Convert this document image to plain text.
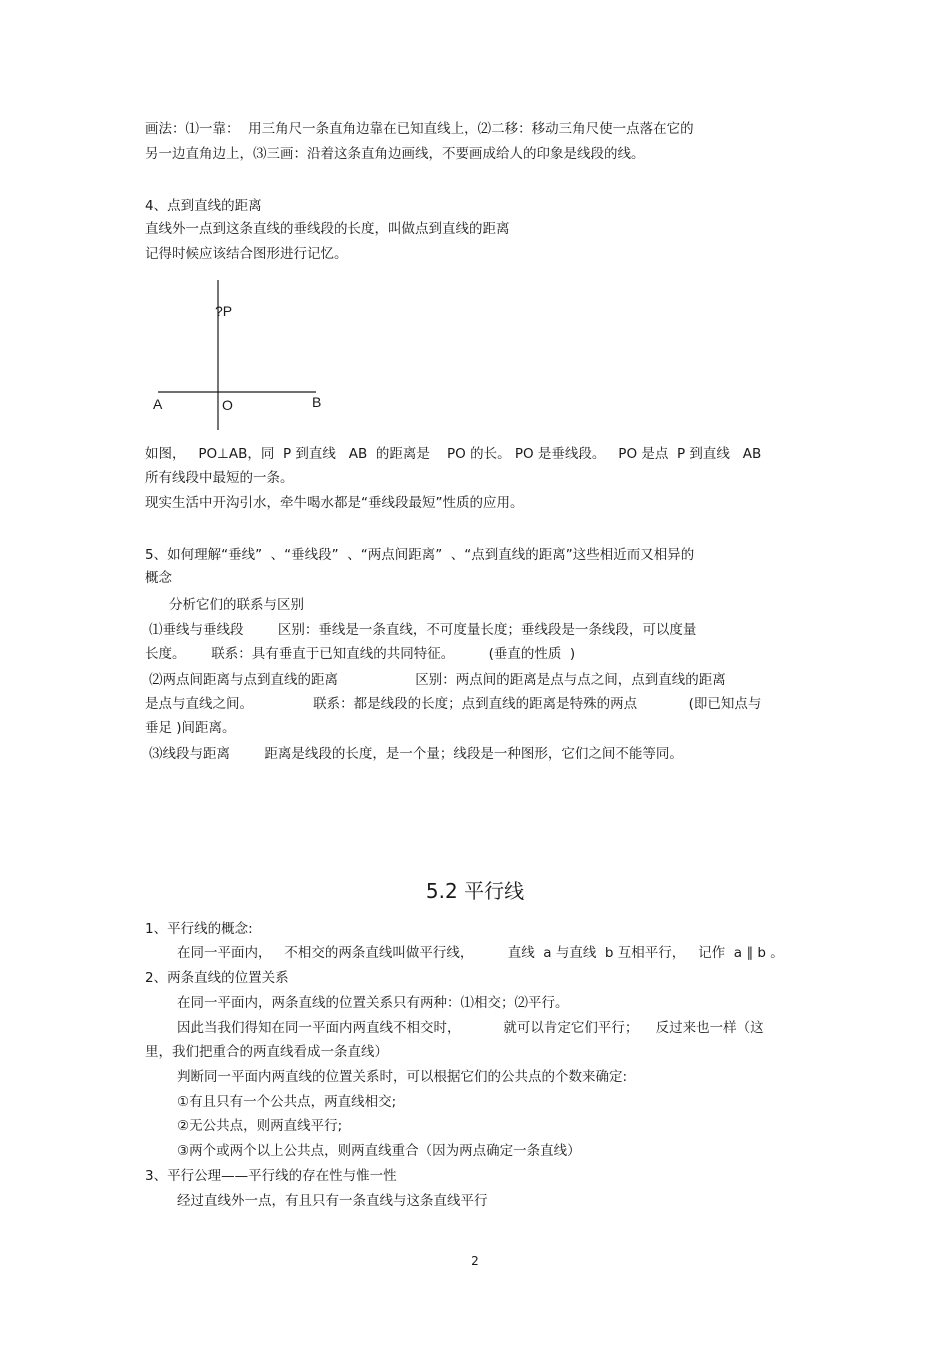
画法：⑴一靠：  用三角尺一条直角边靠在已知直线上，⑵二移：移动三角尺使一点落在它的
另一边直角边上，⑶三画：沿着这条直角边画线，不要画成给人的印象是线段的线。
4、点到直线的距离
直线外一点到这条直线的垂线段的长度，叫做点到直线的距离
记得时候应该结合图形进行记忆。
?P
A	O	B
如图，   PO⊥AB，同  P 到直线   AB  的距离是    PO 的长。 PO 是垂线段。   PO 是点  P 到直线   AB
所有线段中最短的一条。
现实生活中开沟引水，牵牛喝水都是“垂线段最短”性质的应用。
5、如何理解“垂线”  、“垂线段”  、“两点间距离”  、“点到直线的距离”这些相近而又相异的
概念
分析它们的联系与区别
⑴垂线与垂线段        区别：垂线是一条直线，不可度量长度；垂线段是一条线段，可以度量
长度。      联系：具有垂直于已知直线的共同特征。        (垂直的性质  )
⑵两点间距离与点到直线的距离                  区别：两点间的距离是点与点之间，点到直线的距离
是点与直线之间。              联系：都是线段的长度；点到直线的距离是特殊的两点            (即已知点与
垂足 )间距离。
⑶线段与距离        距离是线段的长度，是一个量；线段是一种图形，它们之间不能等同。
5.2 平行线
1、平行线的概念:
在同一平面内，   不相交的两条直线叫做平行线，        直线  a 与直线  b 互相平行，   记作  a ∥ b 。
2、两条直线的位置关系
在同一平面内，两条直线的位置关系只有两种：⑴相交；⑵平行。
因此当我们得知在同一平面内两直线不相交时，          就可以肯定它们平行；    反过来也一样（这
里，我们把重合的两直线看成一条直线）
判断同一平面内两直线的位置关系时，可以根据它们的公共点的个数来确定:
①有且只有一个公共点，两直线相交;
②无公共点，则两直线平行;
③两个或两个以上公共点，则两直线重合（因为两点确定一条直线）
3、平行公理——平行线的存在性与惟一性
经过直线外一点，有且只有一条直线与这条直线平行
2
